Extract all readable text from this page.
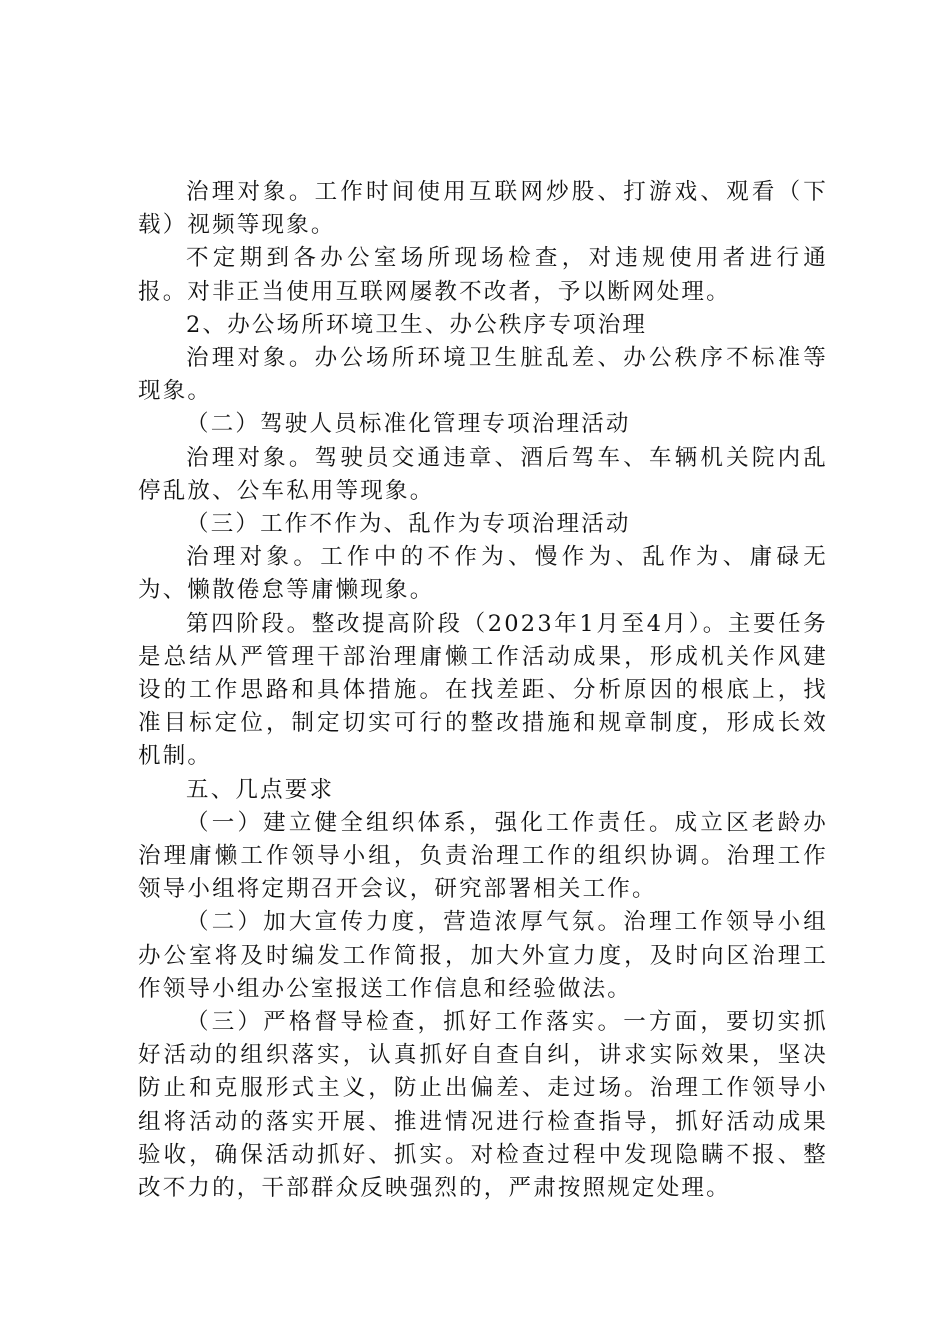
治理对象。工作时间使用互联网炒股、打游戏、观看（下载）视频等现象。

不定期到各办公室场所现场检查，对违规使用者进行通报。对非正当使用互联网屡教不改者，予以断网处理。

2、办公场所环境卫生、办公秩序专项治理

治理对象。办公场所环境卫生脏乱差、办公秩序不标准等现象。

（二）驾驶人员标准化管理专项治理活动

治理对象。驾驶员交通违章、酒后驾车、车辆机关院内乱停乱放、公车私用等现象。

（三）工作不作为、乱作为专项治理活动

治理对象。工作中的不作为、慢作为、乱作为、庸碌无为、懒散倦怠等庸懒现象。

第四阶段。整改提高阶段（2023年1月至4月）。主要任务是总结从严管理干部治理庸懒工作活动成果，形成机关作风建设的工作思路和具体措施。在找差距、分析原因的根底上，找准目标定位，制定切实可行的整改措施和规章制度，形成长效机制。

五、几点要求

（一）建立健全组织体系，强化工作责任。成立区老龄办治理庸懒工作领导小组，负责治理工作的组织协调。治理工作领导小组将定期召开会议，研究部署相关工作。

（二）加大宣传力度，营造浓厚气氛。治理工作领导小组办公室将及时编发工作简报，加大外宣力度，及时向区治理工作领导小组办公室报送工作信息和经验做法。

（三）严格督导检查，抓好工作落实。一方面，要切实抓好活动的组织落实，认真抓好自查自纠，讲求实际效果，坚决防止和克服形式主义，防止出偏差、走过场。治理工作领导小组将活动的落实开展、推进情况进行检查指导，抓好活动成果验收，确保活动抓好、抓实。对检查过程中发现隐瞒不报、整改不力的，干部群众反映强烈的，严肃按照规定处理。
